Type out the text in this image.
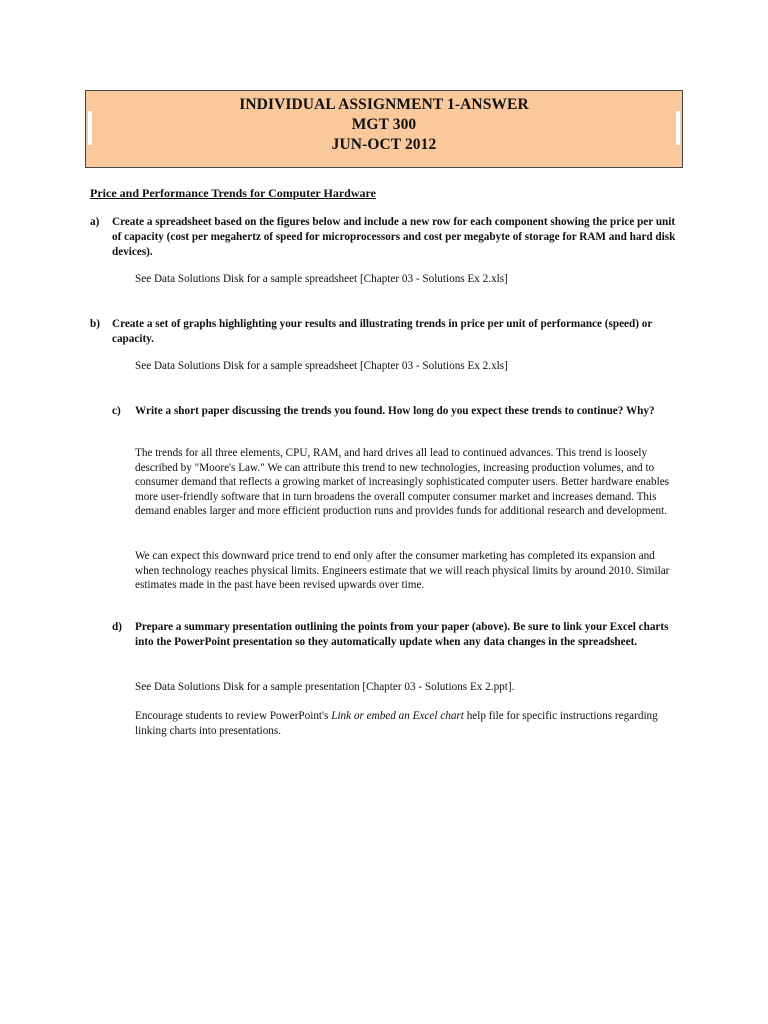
INDIVIDUAL ASSIGNMENT 1-ANSWER
MGT 300
JUN-OCT 2012
Price and Performance Trends for Computer Hardware
a)	Create a spreadsheet based on the figures below and include a new row for each component showing the price per unit of capacity (cost per megahertz of speed for microprocessors and cost per megabyte of storage for RAM and hard disk devices).
See Data Solutions Disk for a sample spreadsheet [Chapter 03 - Solutions Ex 2.xls]
b)	Create a set of graphs highlighting your results and illustrating trends in price per unit of performance (speed) or capacity.
See Data Solutions Disk for a sample spreadsheet [Chapter 03 - Solutions Ex 2.xls]
c)	Write a short paper discussing the trends you found. How long do you expect these trends to continue? Why?
The trends for all three elements, CPU, RAM, and hard drives all lead to continued advances. This trend is loosely described by "Moore's Law." We can attribute this trend to new technologies, increasing production volumes, and to consumer demand that reflects a growing market of increasingly sophisticated computer users. Better hardware enables more user-friendly software that in turn broadens the overall computer consumer market and increases demand. This demand enables larger and more efficient production runs and provides funds for additional research and development.
We can expect this downward price trend to end only after the consumer marketing has completed its expansion and when technology reaches physical limits. Engineers estimate that we will reach physical limits by around 2010. Similar estimates made in the past have been revised upwards over time.
d)	Prepare a summary presentation outlining the points from your paper (above). Be sure to link your Excel charts into the PowerPoint presentation so they automatically update when any data changes in the spreadsheet.
See Data Solutions Disk for a sample presentation [Chapter 03 - Solutions Ex 2.ppt].
Encourage students to review PowerPoint's Link or embed an Excel chart help file for specific instructions regarding linking charts into presentations.
